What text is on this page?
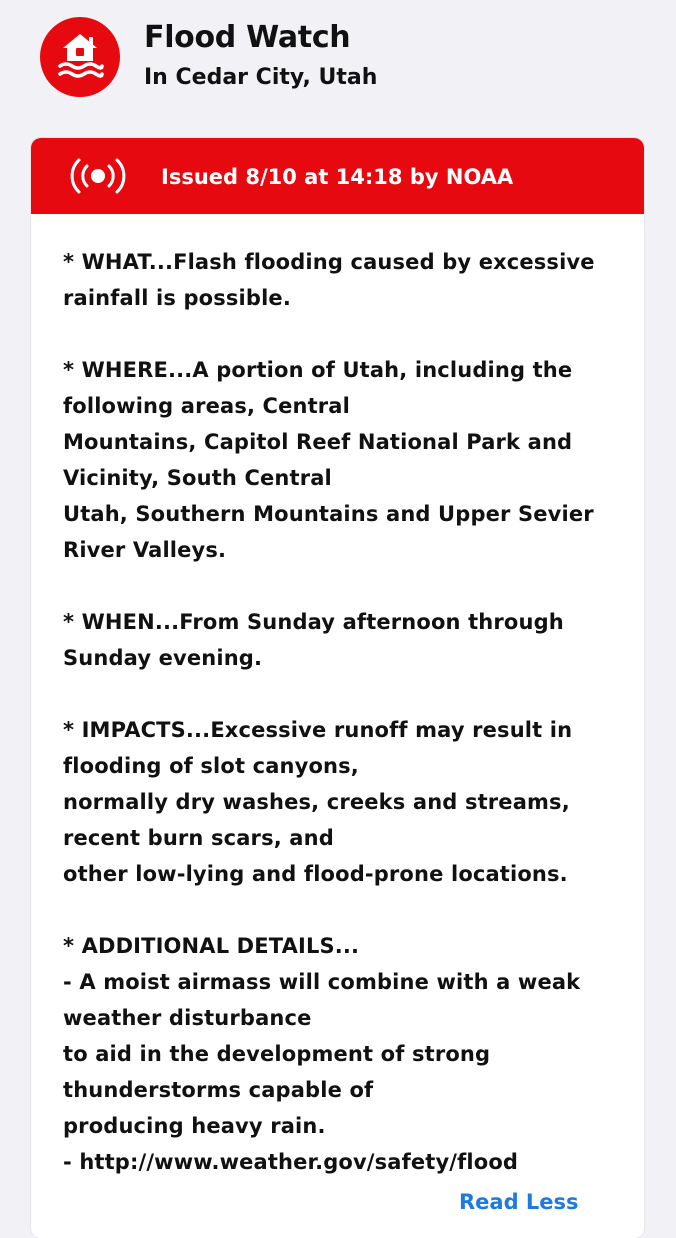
Flood Watch
In Cedar City, Utah
Issued 8/10 at 14:18 by NOAA
* WHAT...Flash flooding caused by excessive
rainfall is possible.
* WHERE...A portion of Utah, including the
following areas, Central
Mountains, Capitol Reef National Park and
Vicinity, South Central
Utah, Southern Mountains and Upper Sevier
River Valleys.
* WHEN...From Sunday afternoon through
Sunday evening.
* IMPACTS...Excessive runoff may result in
flooding of slot canyons,
normally dry washes, creeks and streams,
recent burn scars, and
other low-lying and flood-prone locations.
* ADDITIONAL DETAILS...
- A moist airmass will combine with a weak
weather disturbance
to aid in the development of strong
thunderstorms capable of
producing heavy rain.
- http://www.weather.gov/safety/flood
Read Less
